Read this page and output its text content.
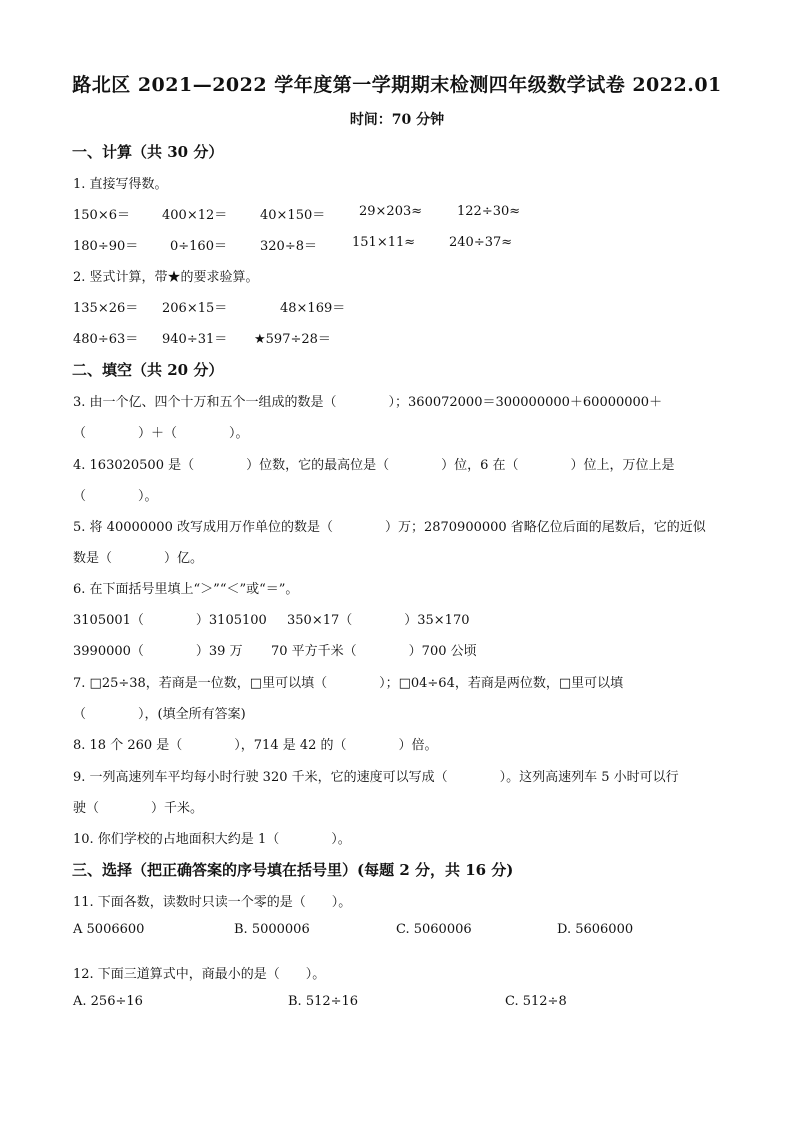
路北区 2021—2022 学年度第一学期期末检测四年级数学试卷 2022.01
时间：70 分钟
一、计算（共 30 分）
1. 直接写得数。
150×6＝ 400×12＝	40×150＝	29×203≈	122÷30≈
180÷90＝ 0÷160＝	320÷8＝	151×11≈	240÷37≈
2. 竖式计算，带★的要求验算。
135×26＝ 206×15＝	48×169＝
480÷63＝ 940÷31＝ ★597÷28＝
二、填空（共 20 分）
3. 由一个亿、四个十万和五个一组成的数是（　　　　）；360072000＝300000000＋60000000＋
（　　　　）＋（　　　　）。
4. 163020500 是（　　　　）位数，它的最高位是（　　　　）位，6 在（　　　　）位上，万位上是
（　　　　）。
5. 将 40000000 改写成用万作单位的数是（　　　　）万；2870900000 省略亿位后面的尾数后，它的近似
数是（　　　　）亿。
6. 在下面括号里填上“＞”“＜”或“＝”。
3105001（　　　　）3105100 350×17（　　　　）35×170
3990000（　　　　）39 万 70 平方千米（　　　　）700 公顷
7. □25÷38，若商是一位数，□里可以填（　　　　）；□04÷64，若商是两位数，□里可以填
（　　　　），(填全所有答案)
8. 18 个 260 是（　　　　），714 是 42 的（　　　　）倍。
9. 一列高速列车平均每小时行驶 320 千米，它的速度可以写成（　　　　）。这列高速列车 5 小时可以行
驶（　　　　）千米。
10. 你们学校的占地面积大约是 1（　　　　）。
三、选择（把正确答案的序号填在括号里）(每题 2 分，共 16 分)
11. 下面各数，读数时只读一个零的是（　　）。
A 5006600	B. 5000006	C. 5060006	D. 5606000
12. 下面三道算式中，商最小的是（　　）。
A. 256÷16	B. 512÷16	C. 512÷8
